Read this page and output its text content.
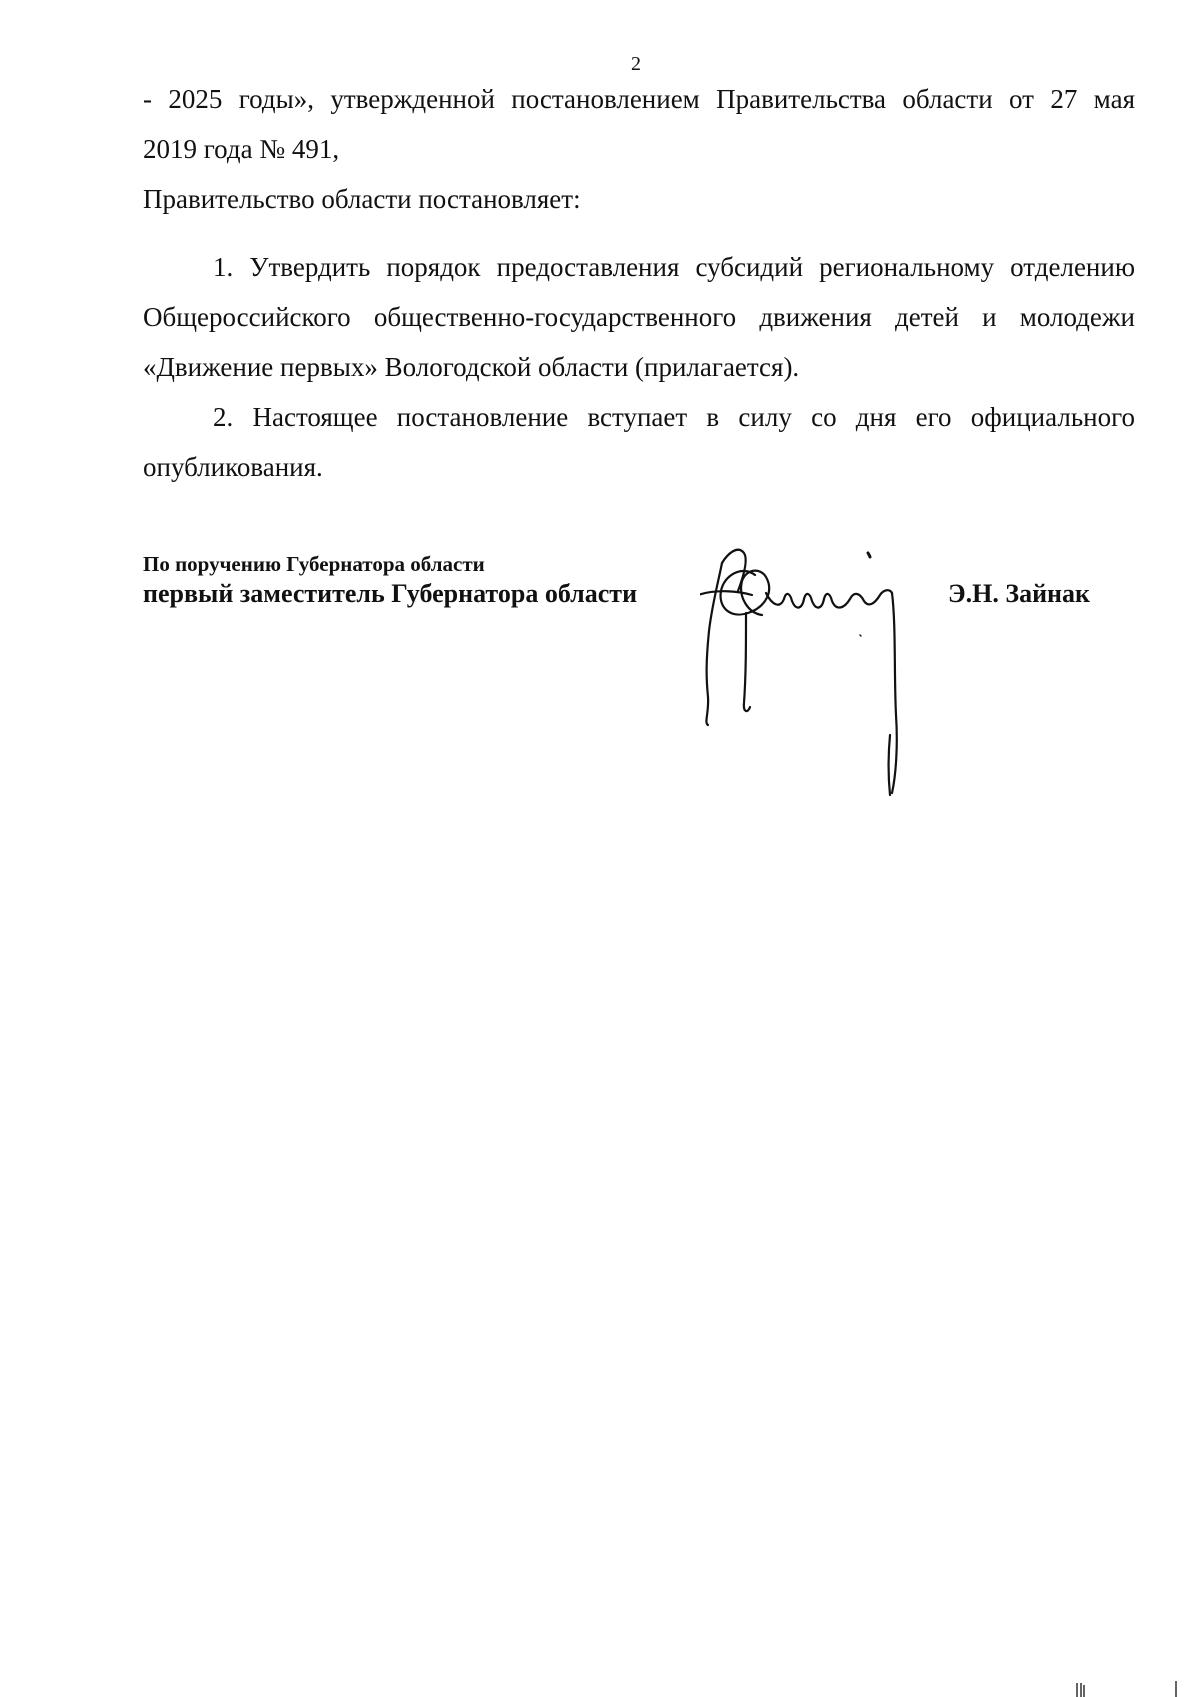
2
- 2025 годы», утвержденной постановлением Правительства области от 27 мая
2019 года № 491,
Правительство области постановляет:
1. Утвердить порядок предоставления субсидий региональному отделению
Общероссийского общественно-государственного движения детей и молодежи
«Движение первых» Вологодской области (прилагается).
2. Настоящее постановление вступает в силу со дня его официального
опубликования.
По поручению Губернатора области
первый заместитель Губернатора области	Э.Н. Зайнак
